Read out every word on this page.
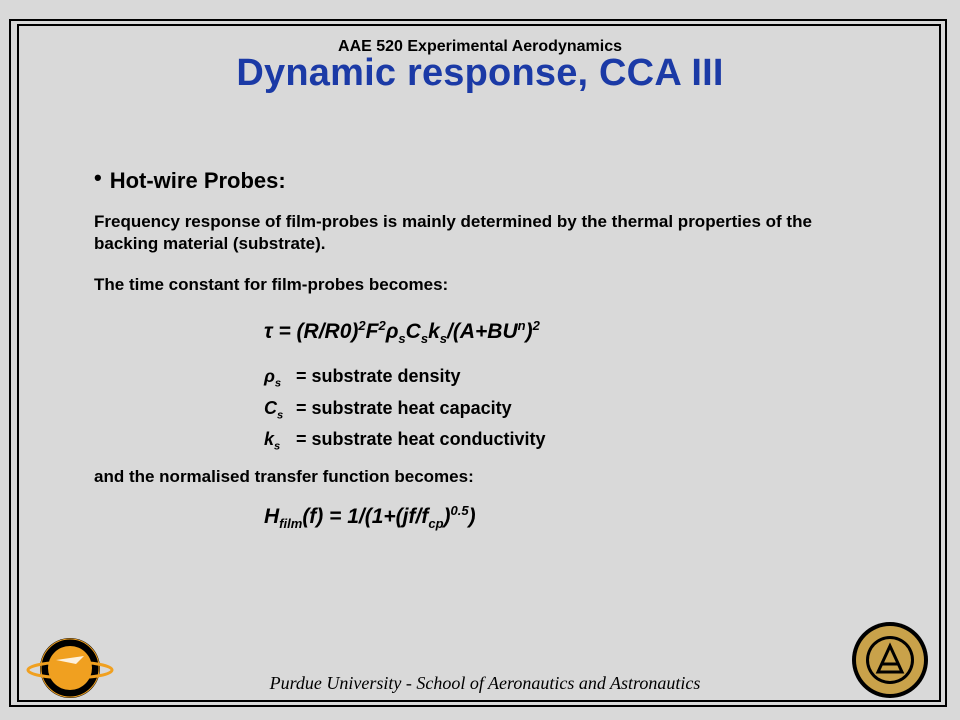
AAE 520 Experimental Aerodynamics
Dynamic response, CCA III
• Hot-wire Probes:
Frequency response of film-probes is mainly determined by the thermal properties of the backing material (substrate).
The time constant for film-probes becomes:
$\tau = (R/R0)^2F^2\rho_sC_sk_s/(A+BU^n)^2$
$\rho_s$ = substrate density
$C_s$ = substrate heat capacity
$k_s$ = substrate heat conductivity
and the normalised transfer function becomes:
$H_{film}(f) = 1/(1+(jf/f_{cp})^{0.5})$
Purdue University - School of Aeronautics and Astronautics
